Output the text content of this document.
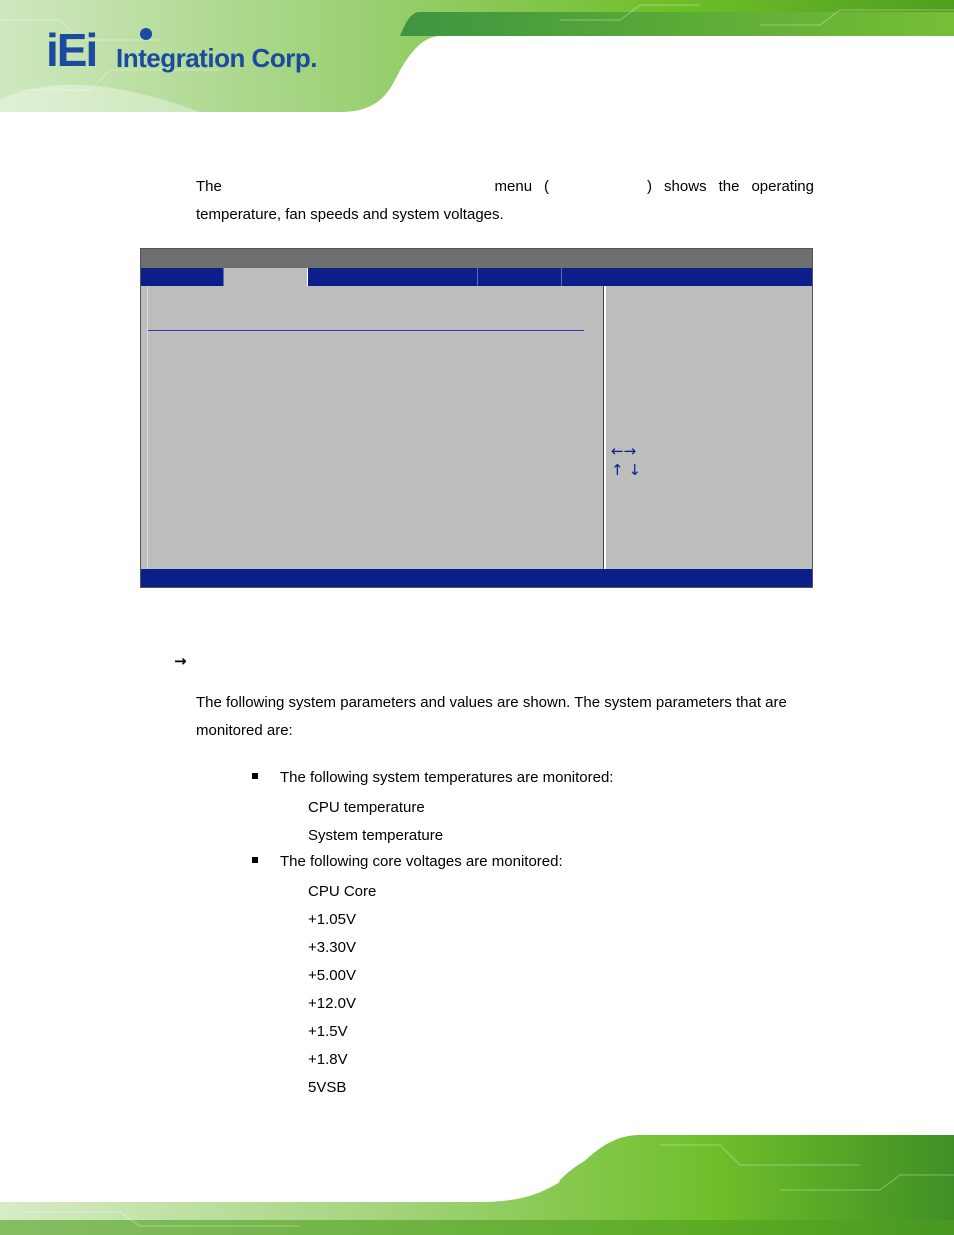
iEi Integration Corp.
The	menu (	) shows the operating
temperature, fan speeds and system voltages.
←→
↑ ↓
→
The following system parameters and values are shown. The system parameters that are
monitored are:
The following system temperatures are monitored:
CPU temperature
System temperature
The following core voltages are monitored:
CPU Core
+1.05V
+3.30V
+5.00V
+12.0V
+1.5V
+1.8V
5VSB
